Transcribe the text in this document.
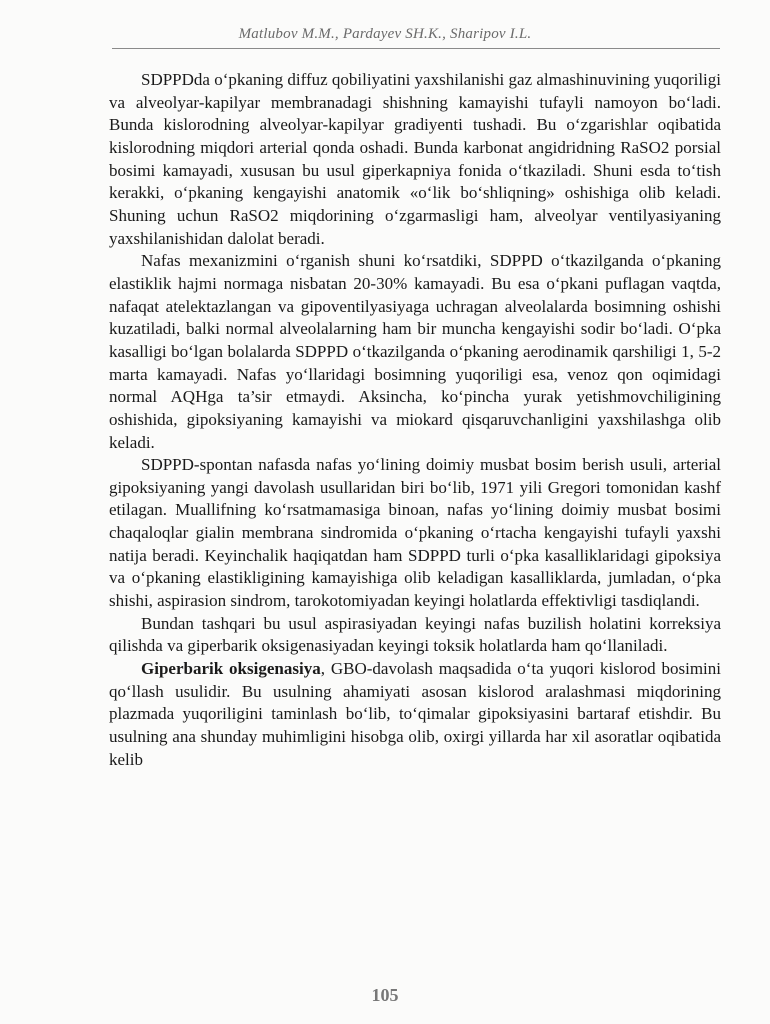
Matlubov M.M., Pardayev SH.K., Sharipov I.L.

SDPPDda o‘pkaning diffuz qobiliyatini yaxshilanishi gaz almashinuvining yuqoriligi va alveolyar-kapilyar membranadagi shishning kamayishi tufayli namoyon bo‘ladi. Bunda kislorodning alveolyar-kapilyar gradiyenti tushadi. Bu o‘zgarishlar oqibatida kislorodning miqdori arterial qonda oshadi. Bunda karbonat angidridning RaSO2 porsial bosimi kamayadi, xususan bu usul giperkapniya fonida o‘tkaziladi. Shuni esda to‘tish kerakki, o‘pkaning kengayishi anatomik «o‘lik bo‘shliqning» oshishiga olib keladi. Shuning uchun RaSO2 miqdorining o‘zgarmasligi ham, alveolyar ventilyasiyaning yaxshilanishidan dalolat beradi.

Nafas mexanizmini o‘rganish shuni ko‘rsatdiki, SDPPD o‘tkazilganda o‘pkaning elastiklik hajmi normaga nisbatan 20-30% kamayadi. Bu esa o‘pkani puflagan vaqtda, nafaqat atelektazlangan va gipoventilyasiyaga uchragan alveolalarda bosimning oshishi kuzatiladi, balki normal alveolalarning ham bir muncha kengayishi sodir bo‘ladi. O‘pka kasalligi bo‘lgan bolalarda SDPPD o‘tkazilganda o‘pkaning aerodinamik qarshiligi 1, 5-2 marta kamayadi. Nafas yo‘llaridagi bosimning yuqoriligi esa, venoz qon oqimidagi normal AQHga ta’sir etmaydi. Aksincha, ko‘pincha yurak yetishmovchiligining oshishida, gipoksiyaning kamayishi va miokard qisqaruvchanligini yaxshilashga olib keladi.

SDPPD-spontan nafasda nafas yo‘lining doimiy musbat bosim berish usuli, arterial gipoksiyaning yangi davolash usullaridan biri bo‘lib, 1971 yili Gregori tomonidan kashf etilagan. Muallifning ko‘rsatmamasiga binoan, nafas yo‘lining doimiy musbat bosimi chaqaloqlar gialin membrana sindromida o‘pkaning o‘rtacha kengayishi tufayli yaxshi natija beradi. Keyinchalik haqiqatdan ham SDPPD turli o‘pka kasalliklaridagi gipoksiya va o‘pkaning elastikligining kamayishiga olib keladigan kasalliklarda, jumladan, o‘pka shishi, aspirasion sindrom, tarokotomiyadan keyingi holatlarda effektivligi tasdiqlandi.

Bundan tashqari bu usul aspirasiyadan keyingi nafas buzilish holatini korreksiya qilishda va giperbarik oksigenasiyadan keyingi toksik holatlarda ham qo‘llaniladi.

Giperbarik oksigenasiya, GBO-davolash maqsadida o‘ta yuqori kislorod bosimini qo‘llash usulidir. Bu usulning ahamiyati asosan kislorod aralashmasi miqdorining plazmada yuqoriligini taminlash bo‘lib, to‘qimalar gipoksiyasini bartaraf etishdir. Bu usulning ana shunday muhimligini hisobga olib, oxirgi yillarda har xil asoratlar oqibatida kelib

105
